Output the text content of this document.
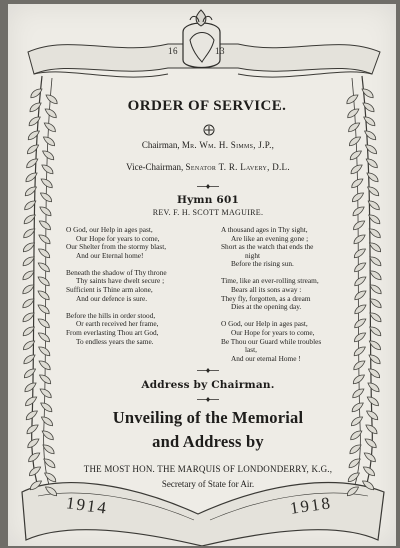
16	13
ORDER OF SERVICE.
Chairman, Mr. Wm. H. Simms, J.P.,
Vice-Chairman, Senator T. R. Lavery, D.L.
Hymn 601
REV. F. H. SCOTT MAGUIRE.
O God, our Help in ages past,
Our Hope for years to come,
Our Shelter from the stormy blast,
And our Eternal home!
Beneath the shadow of Thy throne
Thy saints have dwelt secure ;
Sufficient is Thine arm alone,
And our defence is sure.
Before the hills in order stood,
Or earth received her frame,
From everlasting Thou art God,
To endless years the same.
A thousand ages in Thy sight,
Are like an evening gone ;
Short as the watch that ends the
night
Before the rising sun.
Time, like an ever-rolling stream,
Bears all its sons away :
They fly, forgotten, as a dream
Dies at the opening day.
O God, our Help in ages past,
Our Hope for years to come,
Be Thou our Guard while troubles
last,
And our eternal Home !
Address by Chairman.
Unveiling of the Memorial
and Address by
THE MOST HON. THE MARQUIS OF LONDONDERRY, K.G.,
Secretary of State for Air.
1914	1918
